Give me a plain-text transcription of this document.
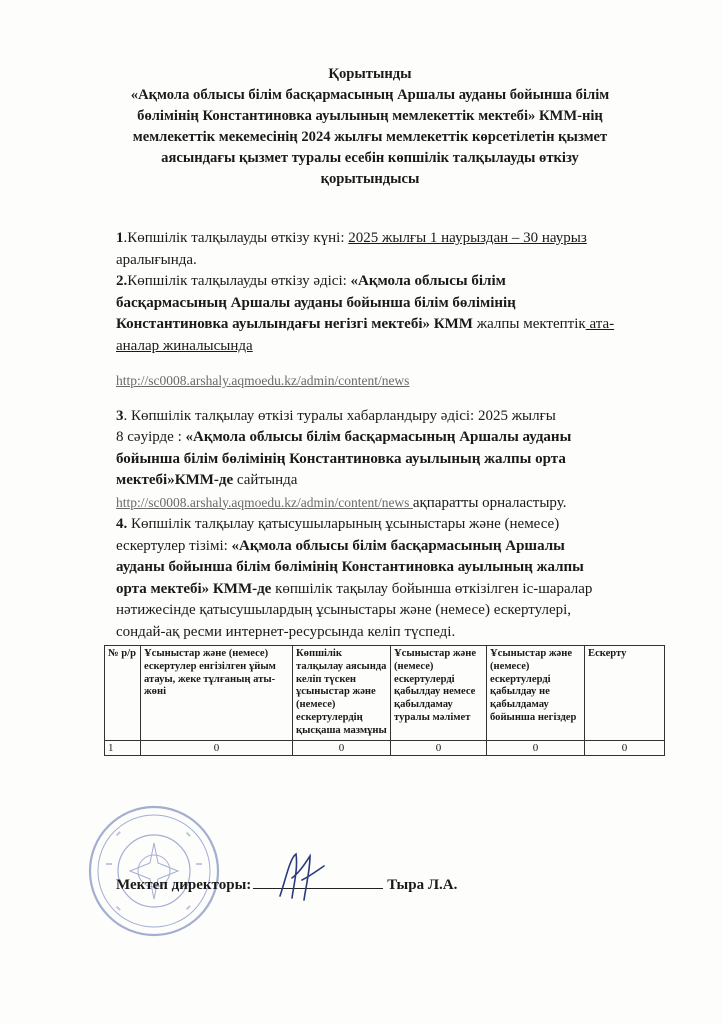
Қорытынды
«Ақмола облысы білім басқармасының Аршалы ауданы бойынша білім
бөлімінің Константиновка ауылының мемлекеттік мектебі» КММ-нің
мемлекеттік мекемесінің 2024 жылғы мемлекеттік көрсетілетін қызмет
аясындағы қызмет туралы есебін көпшілік талқылауды өткізу
қорытындысы
1.Көпшілік талқылауды өткізу күні: 2025 жылғы 1 наурыздан – 30 наурыз
аралығында.
2.Көпшілік талқылауды өткізу әдісі: «Ақмола облысы білім
басқармасының Аршалы ауданы бойынша білім бөлімінің
Константиновка ауылындағы негізгі мектебі» КММ жалпы мектептік ата-
аналар жиналысында
http://sc0008.arshaly.aqmoedu.kz/admin/content/news
3. Көпшілік талқылау өткізі туралы хабарландыру әдісі: 2025 жылғы
8 сәуірде : «Ақмола облысы білім басқармасының Аршалы ауданы
бойынша білім бөлімінің Константиновка ауылының жалпы орта
мектебі»КММ-де сайтында
http://sc0008.arshaly.aqmoedu.kz/admin/content/news ақпаратты орналастыру.
4. Көпшілік талқылау қатысушыларының ұсыныстары және (немесе)
ескертулер тізімі: «Ақмола облысы білім басқармасының Аршалы
ауданы бойынша білім бөлімінің Константиновка ауылының жалпы
орта мектебі» КММ-де көпшілік тақылау бойынша өткізілген іс-шаралар
нәтижесінде қатысушылардың ұсыныстары және (немесе) ескертулері,
сондай-ақ ресми интернет-ресурсында келіп түспеді.
№ р/р	Ұсыныстар және (немесе) ескертулер енгізілген ұйым атауы, жеке тұлғаның аты-жөні	Көпшілік талқылау аясында келіп түскен ұсыныстар және (немесе) ескертулердің қысқаша мазмұны	Ұсыныстар және (немесе) ескертулерді қабылдау немесе қабылдамау туралы мәлімет	Ұсыныстар және (немесе) ескертулерді қабылдау не қабылдамау бойынша негіздер	Ескерту
1	0	0	0	0	0
Мектеп директоры:	Тыра Л.А.
